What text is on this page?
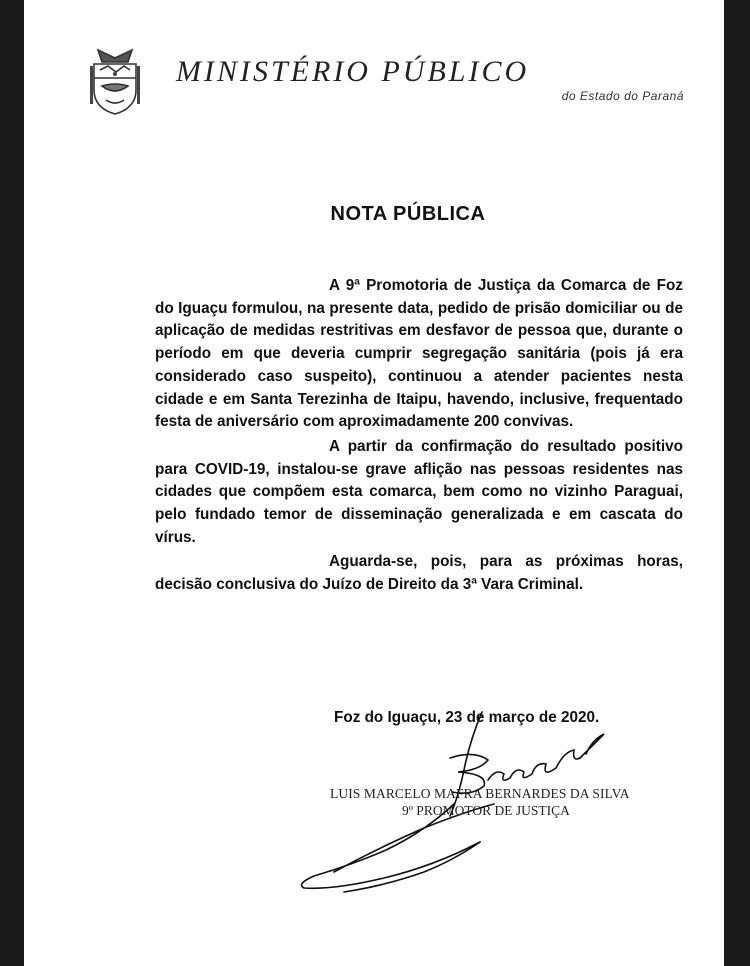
MINISTÉRIO PÚBLICO
do Estado do Paraná
NOTA PÚBLICA

A 9ª Promotoria de Justiça da Comarca de Foz do Iguaçu formulou, na presente data, pedido de prisão domiciliar ou de aplicação de medidas restritivas em desfavor de pessoa que, durante o período em que deveria cumprir segregação sanitária (pois já era considerado caso suspeito), continuou a atender pacientes nesta cidade e em Santa Terezinha de Itaipu, havendo, inclusive, frequentado festa de aniversário com aproximadamente 200 convivas.

A partir da confirmação do resultado positivo para COVID-19, instalou-se grave aflição nas pessoas residentes nas cidades que compõem esta comarca, bem como no vizinho Paraguai, pelo fundado temor de disseminação generalizada e em cascata do vírus.

Aguarda-se, pois, para as próximas horas, decisão conclusiva do Juízo de Direito da 3ª Vara Criminal.

Foz do Iguaçu, 23 de março de 2020.
LUIS MARCELO MAFRA BERNARDES DA SILVA
9º PROMOTOR DE JUSTIÇA
